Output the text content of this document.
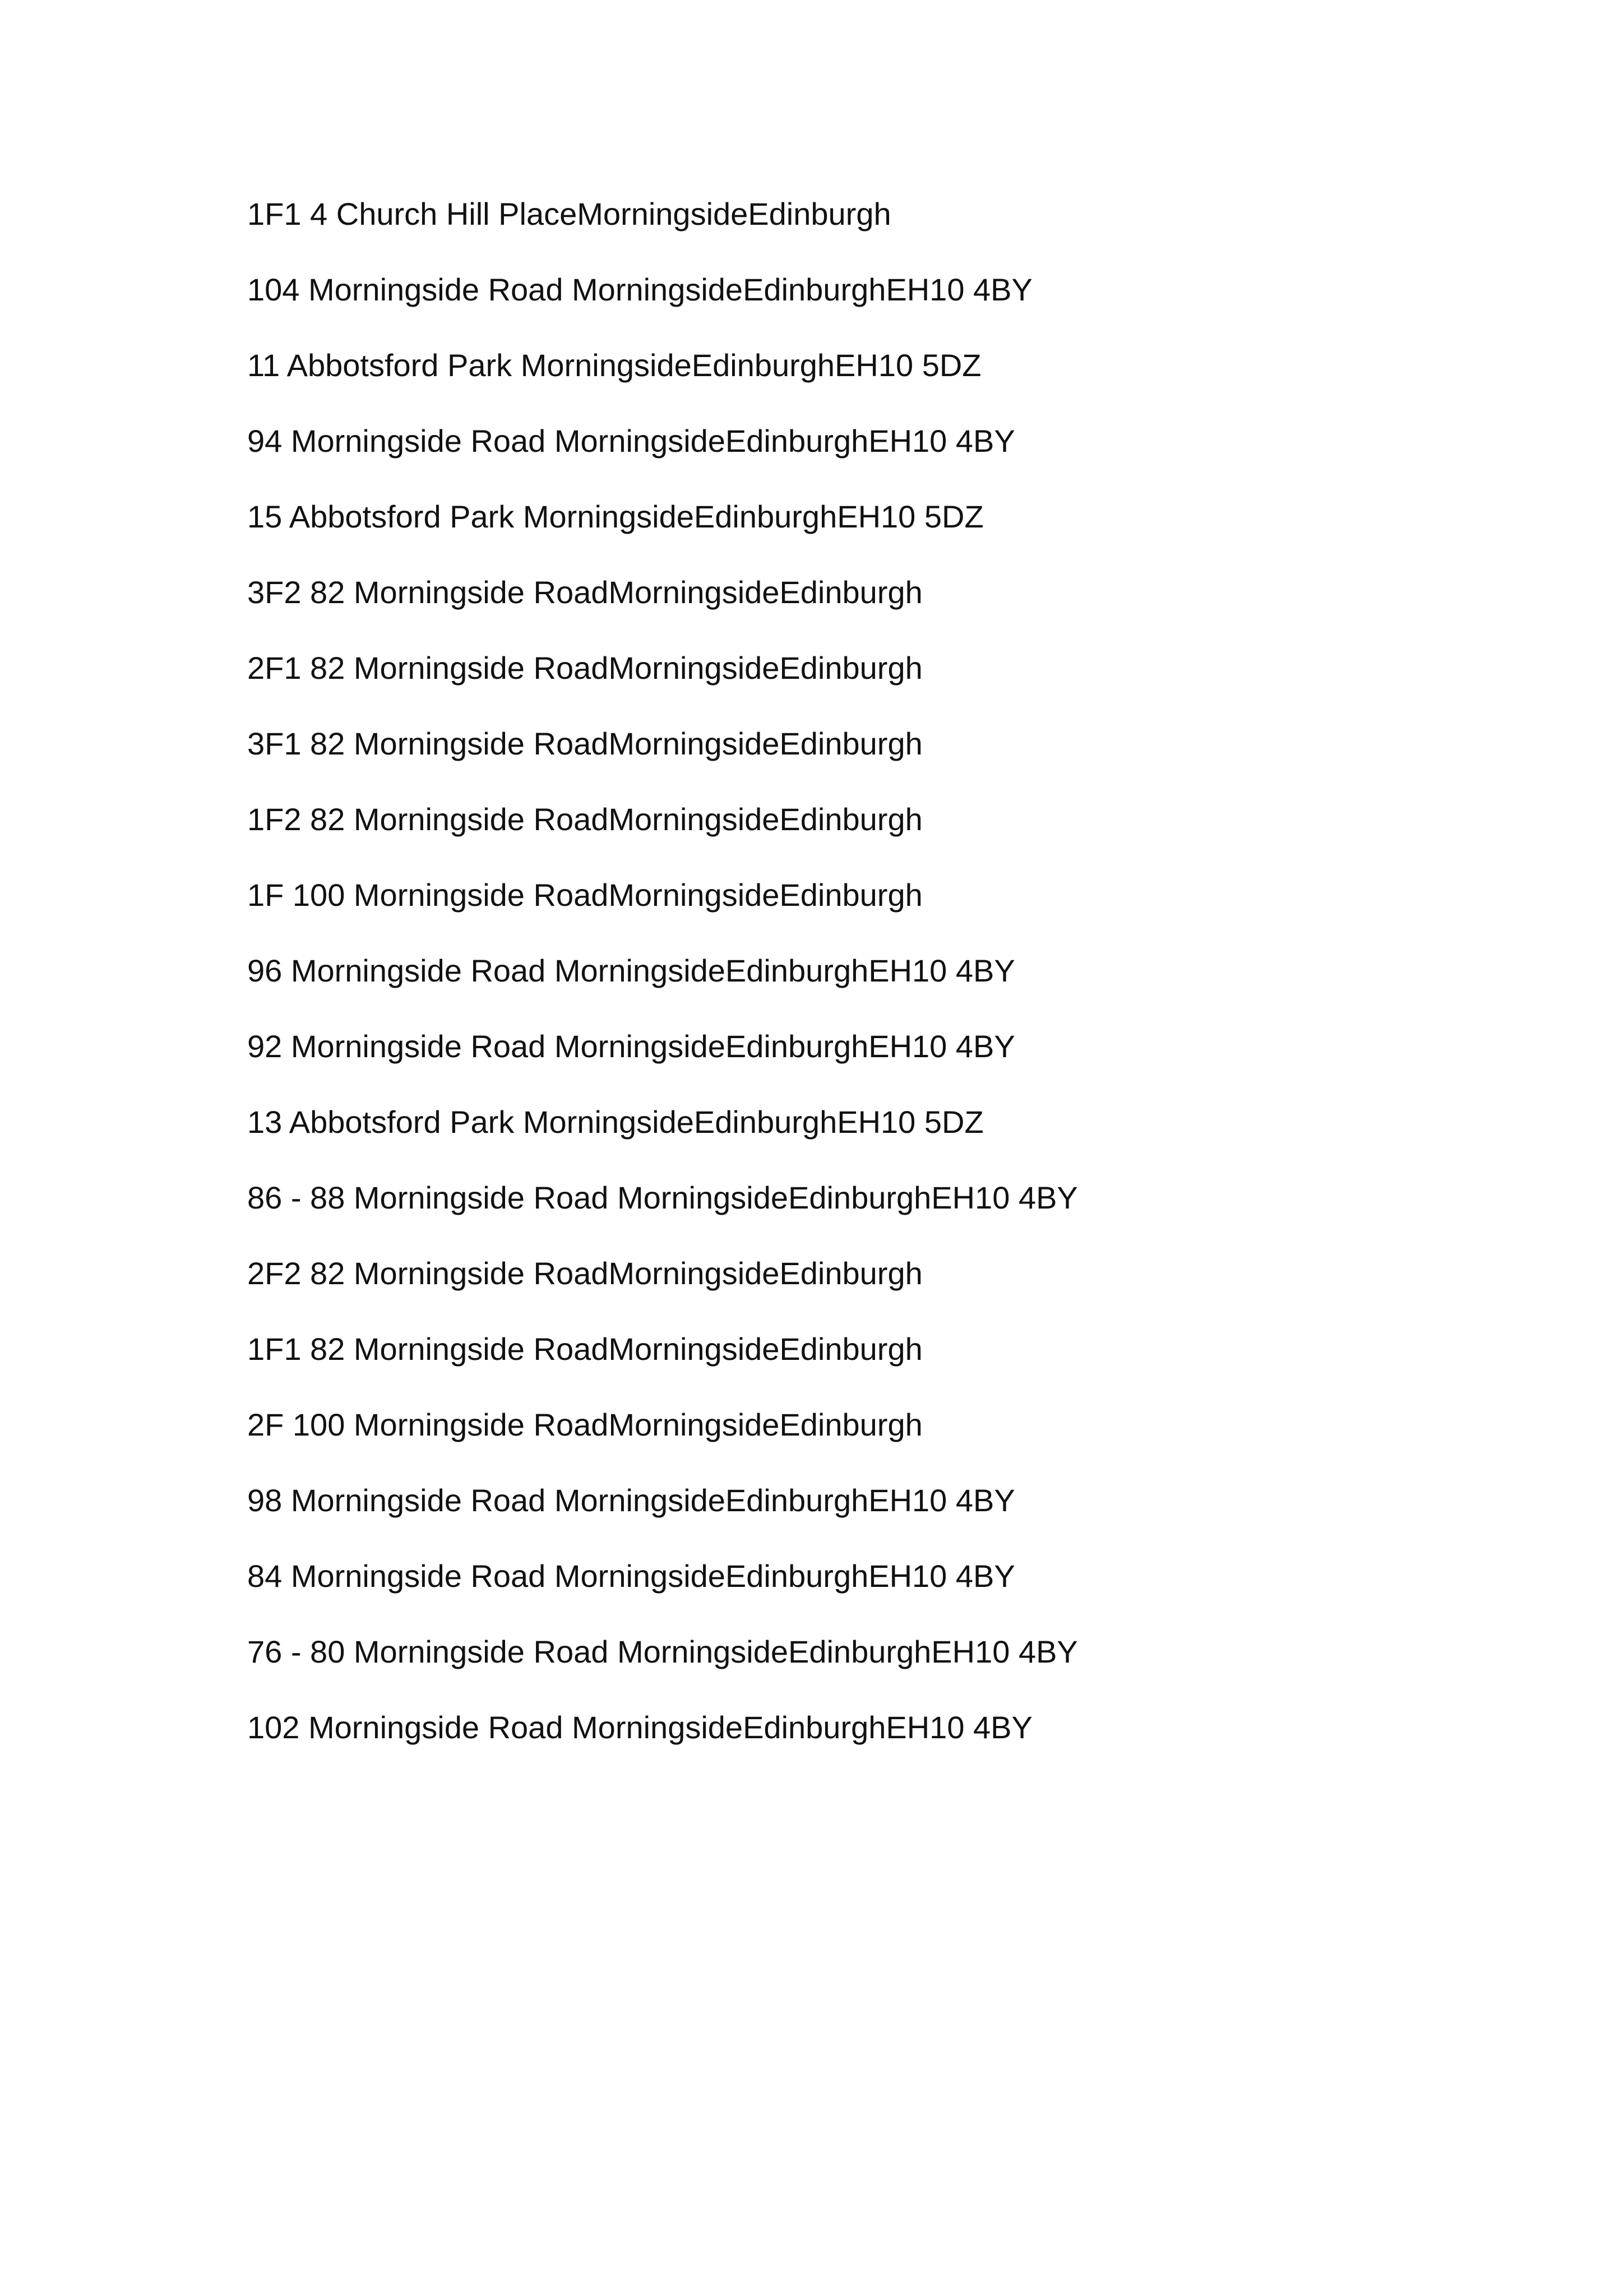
1F1 4 Church Hill PlaceMorningsideEdinburgh
104 Morningside Road MorningsideEdinburghEH10 4BY
11 Abbotsford Park MorningsideEdinburghEH10 5DZ
94 Morningside Road MorningsideEdinburghEH10 4BY
15 Abbotsford Park MorningsideEdinburghEH10 5DZ
3F2 82 Morningside RoadMorningsideEdinburgh
2F1 82 Morningside RoadMorningsideEdinburgh
3F1 82 Morningside RoadMorningsideEdinburgh
1F2 82 Morningside RoadMorningsideEdinburgh
1F 100 Morningside RoadMorningsideEdinburgh
96 Morningside Road MorningsideEdinburghEH10 4BY
92 Morningside Road MorningsideEdinburghEH10 4BY
13 Abbotsford Park MorningsideEdinburghEH10 5DZ
86 - 88 Morningside Road MorningsideEdinburghEH10 4BY
2F2 82 Morningside RoadMorningsideEdinburgh
1F1 82 Morningside RoadMorningsideEdinburgh
2F 100 Morningside RoadMorningsideEdinburgh
98 Morningside Road MorningsideEdinburghEH10 4BY
84 Morningside Road MorningsideEdinburghEH10 4BY
76 - 80 Morningside Road MorningsideEdinburghEH10 4BY
102 Morningside Road MorningsideEdinburghEH10 4BY
